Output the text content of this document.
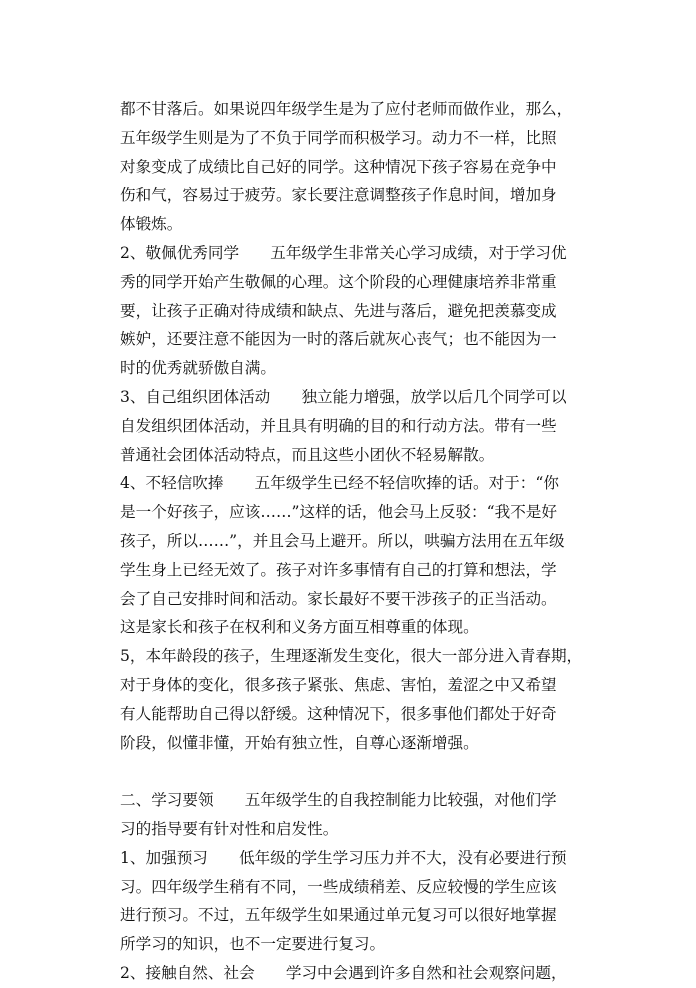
都不甘落后。如果说四年级学生是为了应付老师而做作业，那么，
五年级学生则是为了不负于同学而积极学习。动力不一样，比照
对象变成了成绩比自己好的同学。这种情况下孩子容易在竞争中
伤和气，容易过于疲劳。家长要注意调整孩子作息时间，增加身
体锻炼。
2、敬佩优秀同学　　五年级学生非常关心学习成绩，对于学习优
秀的同学开始产生敬佩的心理。这个阶段的心理健康培养非常重
要，让孩子正确对待成绩和缺点、先进与落后，避免把羡慕变成
嫉妒，还要注意不能因为一时的落后就灰心丧气；也不能因为一
时的优秀就骄傲自满。
3、自己组织团体活动　　独立能力增强，放学以后几个同学可以
自发组织团体活动，并且具有明确的目的和行动方法。带有一些
普通社会团体活动特点，而且这些小团伙不轻易解散。
4、不轻信吹捧　　五年级学生已经不轻信吹捧的话。对于：“你
是一个好孩子，应该……”这样的话，他会马上反驳：“我不是好
孩子，所以……”，并且会马上避开。所以，哄骗方法用在五年级
学生身上已经无效了。孩子对许多事情有自己的打算和想法，学
会了自己安排时间和活动。家长最好不要干涉孩子的正当活动。
这是家长和孩子在权利和义务方面互相尊重的体现。
5，本年龄段的孩子，生理逐渐发生变化，很大一部分进入青春期，
对于身体的变化，很多孩子紧张、焦虑、害怕，羞涩之中又希望
有人能帮助自己得以舒缓。这种情况下，很多事他们都处于好奇
阶段，似懂非懂，开始有独立性，自尊心逐渐增强。
二、学习要领　　五年级学生的自我控制能力比较强，对他们学
习的指导要有针对性和启发性。
1、加强预习　　低年级的学生学习压力并不大，没有必要进行预
习。四年级学生稍有不同，一些成绩稍差、反应较慢的学生应该
进行预习。不过，五年级学生如果通过单元复习可以很好地掌握
所学习的知识，也不一定要进行复习。
2、接触自然、社会　　学习中会遇到许多自然和社会观察问题，
